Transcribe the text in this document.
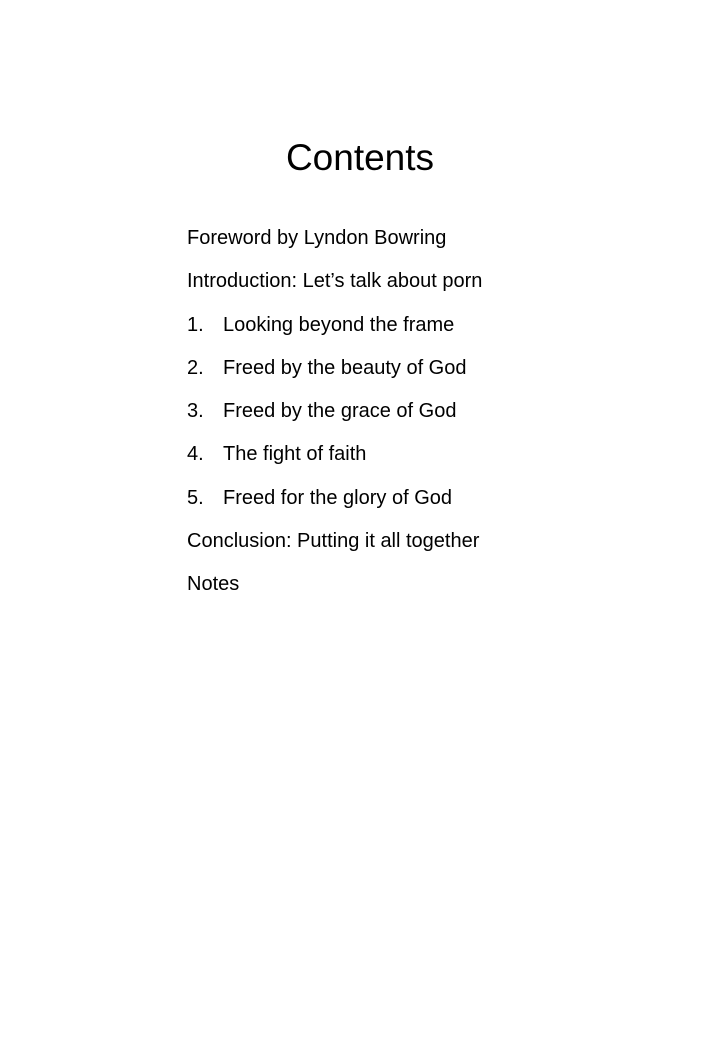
Contents
Foreword by Lyndon Bowring
Introduction: Let’s talk about porn
1. Looking beyond the frame
2. Freed by the beauty of God
3. Freed by the grace of God
4. The fight of faith
5. Freed for the glory of God
Conclusion: Putting it all together
Notes
